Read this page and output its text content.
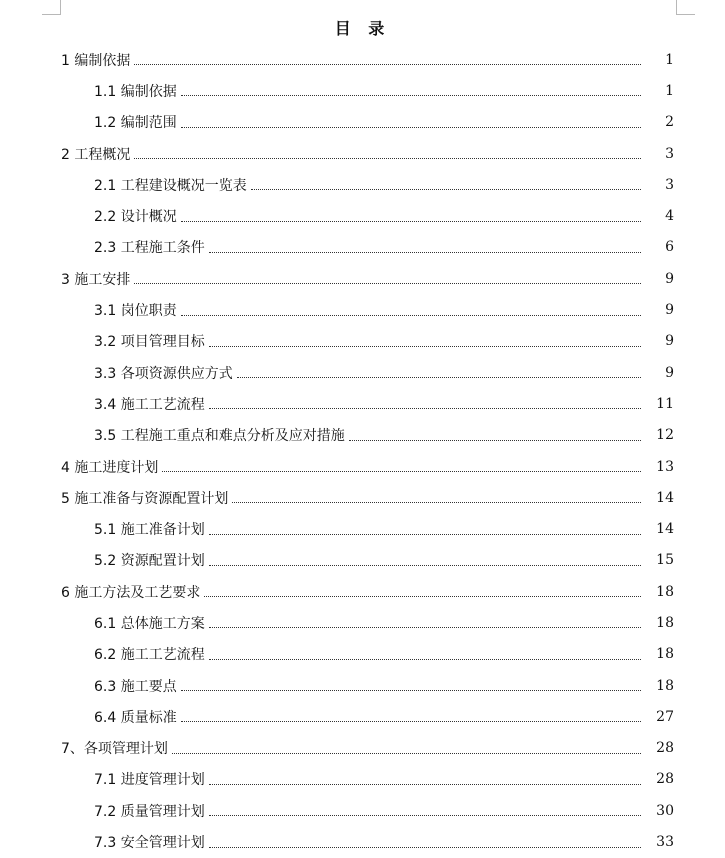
目 录
1 编制依据	1
1.1 编制依据	1
1.2 编制范围	2
2 工程概况	3
2.1 工程建设概况一览表	3
2.2 设计概况	4
2.3 工程施工条件	6
3 施工安排	9
3.1 岗位职责	9
3.2 项目管理目标	9
3.3 各项资源供应方式	9
3.4 施工工艺流程	11
3.5 工程施工重点和难点分析及应对措施	12
4 施工进度计划	13
5 施工准备与资源配置计划	14
5.1 施工准备计划	14
5.2 资源配置计划	15
6 施工方法及工艺要求	18
6.1 总体施工方案	18
6.2 施工工艺流程	18
6.3 施工要点	18
6.4 质量标准	27
7、各项管理计划	28
7.1 进度管理计划	28
7.2 质量管理计划	30
7.3 安全管理计划	33
